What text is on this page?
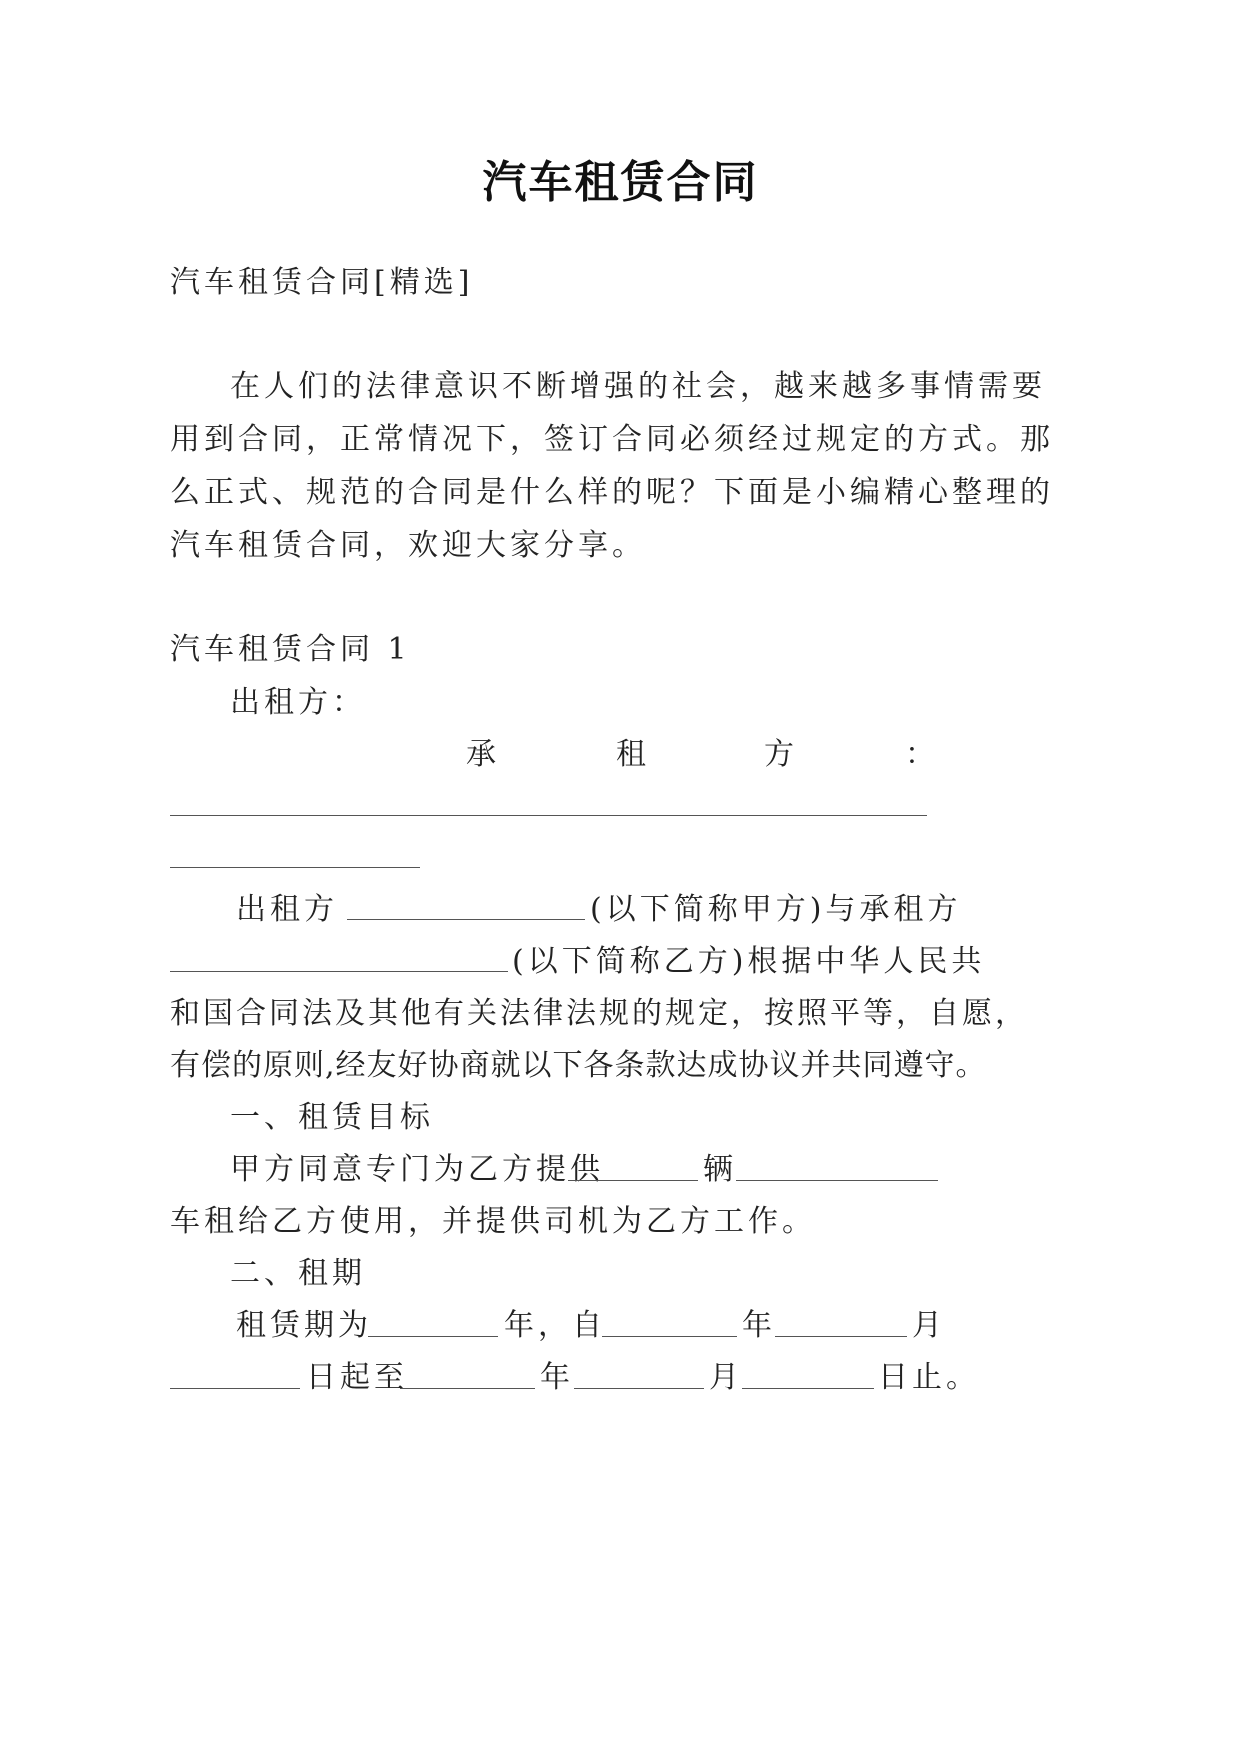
汽车租赁合同
汽车租赁合同[精选]
在人们的法律意识不断增强的社会，越来越多事情需要
用到合同，正常情况下，签订合同必须经过规定的方式。那
么正式、规范的合同是什么样的呢？下面是小编精心整理的
汽车租赁合同，欢迎大家分享。
汽车租赁合同 1
出租方：
承	租	方	：
出租方	(以下简称甲方)与承租方
(以下简称乙方)根据中华人民共
和国合同法及其他有关法律法规的规定，按照平等，自愿，
有偿的原则,经友好协商就以下各条款达成协议并共同遵守。
一、租赁目标
甲方同意专门为乙方提供	辆
车租给乙方使用，并提供司机为乙方工作。
二、租期
租赁期为	年，自	年	月
日起至	年	月	日止。
